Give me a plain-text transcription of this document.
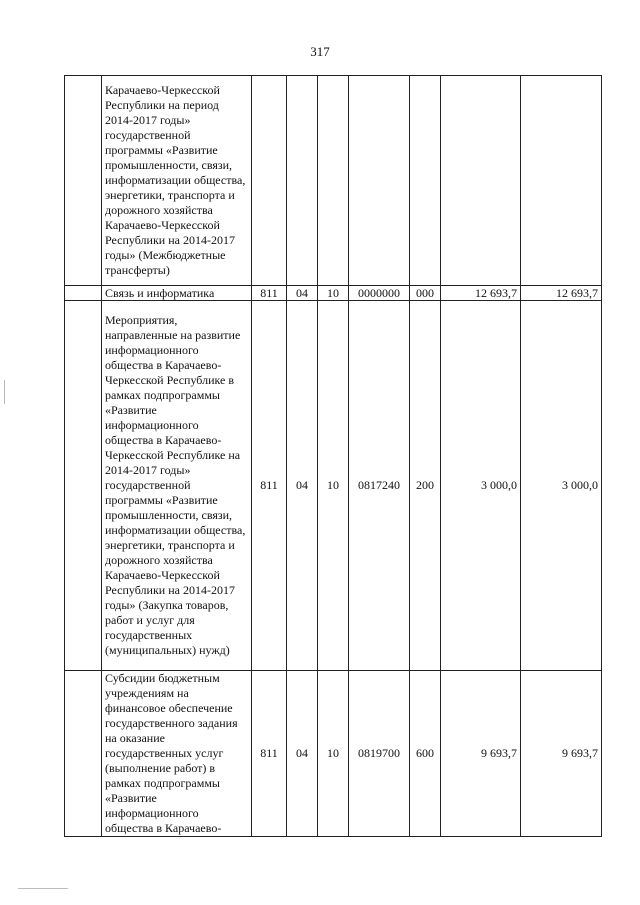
317
	Карачаево-Черкесской Республики на период 2014-2017 годы» государственной программы «Развитие промышленности, связи, информатизации общества, энергетики, транспорта и дорожного хозяйства Карачаево-Черкесской Республики на 2014-2017 годы» (Межбюджетные трансферты)							
	Связь и информатика	811	04	10	0000000	000	12 693,7	12 693,7
	Мероприятия, направленные на развитие информационного общества в Карачаево-Черкесской Республике в рамках подпрограммы «Развитие информационного общества в Карачаево-Черкесской Республике на 2014-2017 годы» государственной программы «Развитие промышленности, связи, информатизации общества, энергетики, транспорта и дорожного хозяйства Карачаево-Черкесской Республики на 2014-2017 годы» (Закупка товаров, работ и услуг для государственных (муниципальных) нужд)	811	04	10	0817240	200	3 000,0	3 000,0
	Субсидии бюджетным учреждениям на финансовое обеспечение государственного задания на оказание государственных услуг (выполнение работ) в рамках подпрограммы «Развитие информационного общества в Карачаево-	811	04	10	0819700	600	9 693,7	9 693,7
